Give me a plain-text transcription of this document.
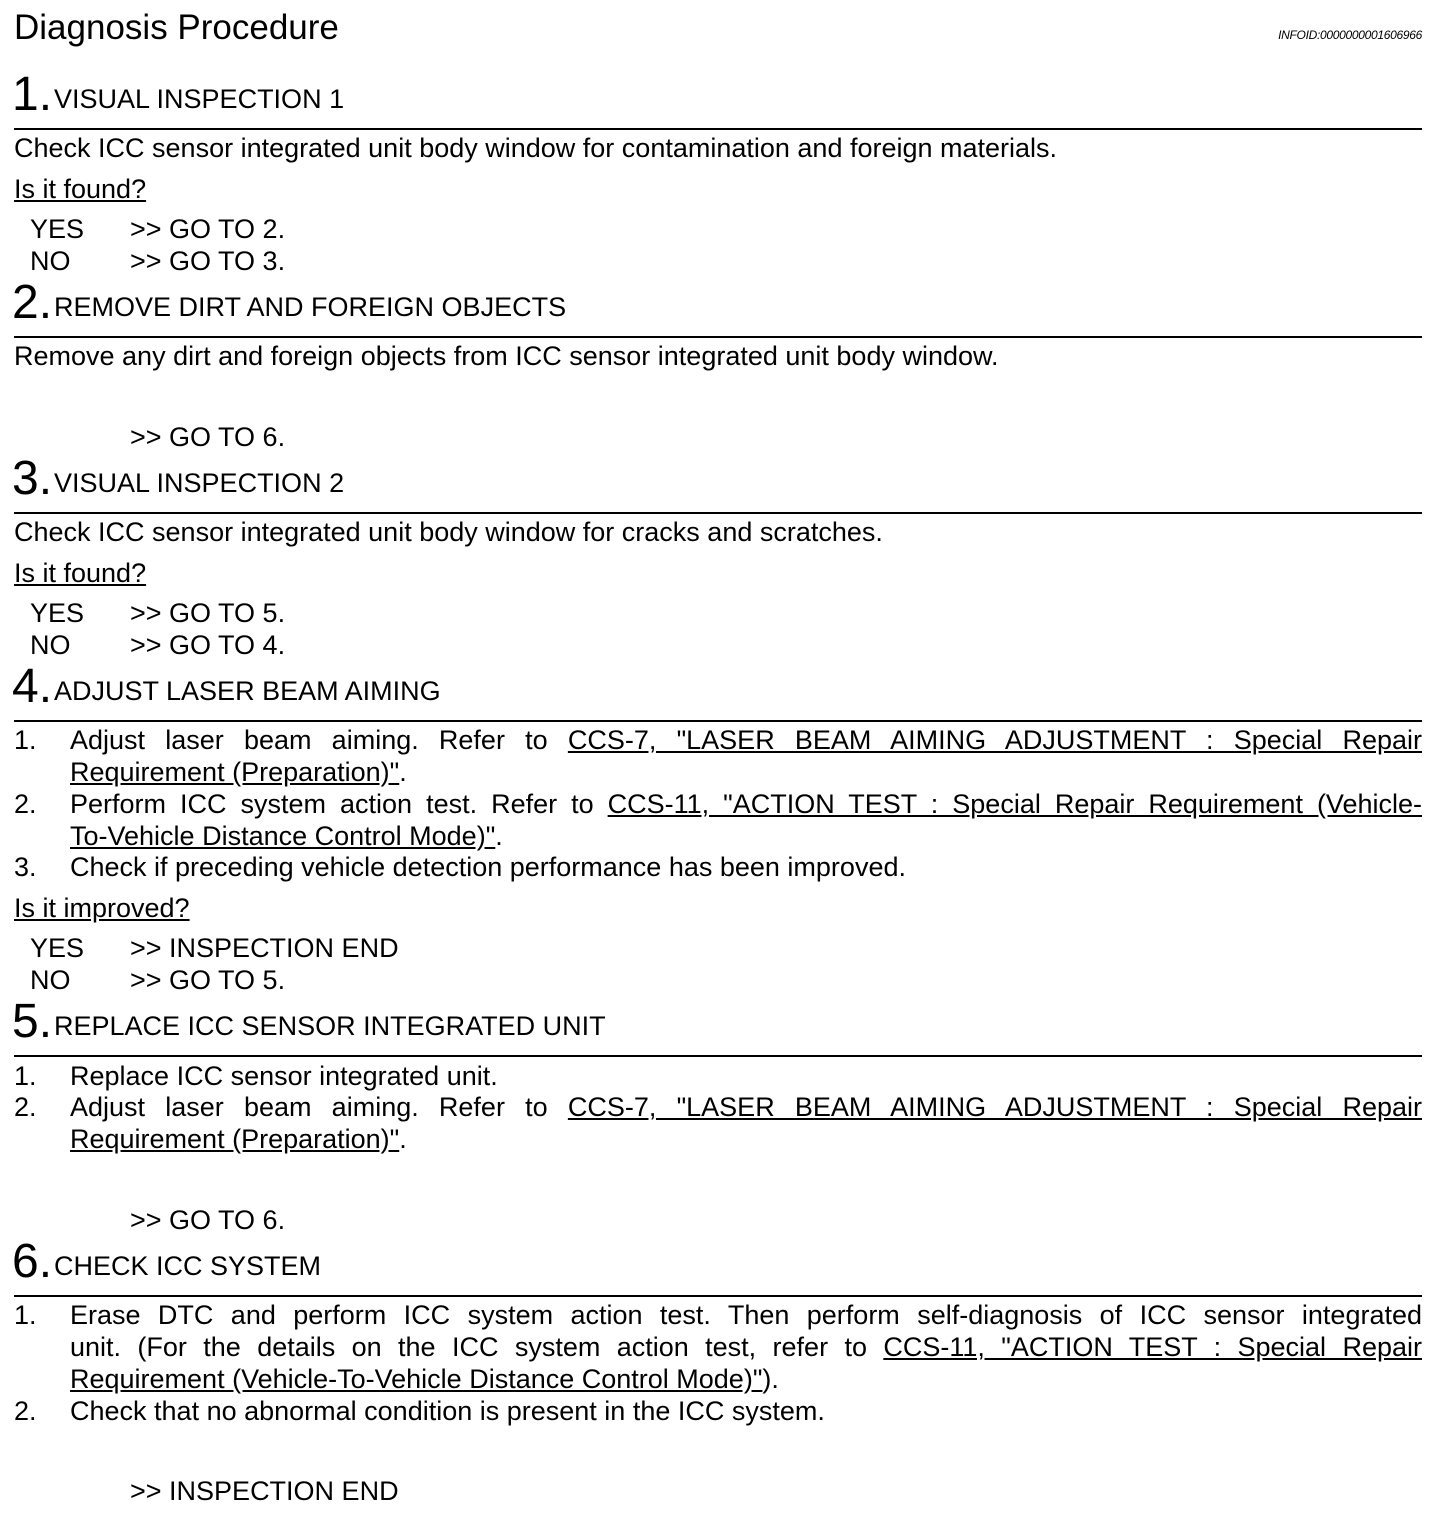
Diagnosis Procedure	INFOID:0000000001606966
1. VISUAL INSPECTION 1
Check ICC sensor integrated unit body window for contamination and foreign materials.
Is it found?
YES >> GO TO 2.
NO >> GO TO 3.
2. REMOVE DIRT AND FOREIGN OBJECTS
Remove any dirt and foreign objects from ICC sensor integrated unit body window.
>> GO TO 6.
3. VISUAL INSPECTION 2
Check ICC sensor integrated unit body window for cracks and scratches.
Is it found?
YES >> GO TO 5.
NO >> GO TO 4.
4. ADJUST LASER BEAM AIMING
1. Adjust laser beam aiming. Refer to CCS-7, "LASER BEAM AIMING ADJUSTMENT : Special Repair
Requirement (Preparation)".
2. Perform ICC system action test. Refer to CCS-11, "ACTION TEST : Special Repair Requirement (Vehicle-
To-Vehicle Distance Control Mode)".
3. Check if preceding vehicle detection performance has been improved.
Is it improved?
YES >> INSPECTION END
NO >> GO TO 5.
5. REPLACE ICC SENSOR INTEGRATED UNIT
1. Replace ICC sensor integrated unit.
2. Adjust laser beam aiming. Refer to CCS-7, "LASER BEAM AIMING ADJUSTMENT : Special Repair
Requirement (Preparation)".
>> GO TO 6.
6. CHECK ICC SYSTEM
1. Erase DTC and perform ICC system action test. Then perform self-diagnosis of ICC sensor integrated
unit. (For the details on the ICC system action test, refer to CCS-11, "ACTION TEST : Special Repair
Requirement (Vehicle-To-Vehicle Distance Control Mode)").
2. Check that no abnormal condition is present in the ICC system.
>> INSPECTION END
